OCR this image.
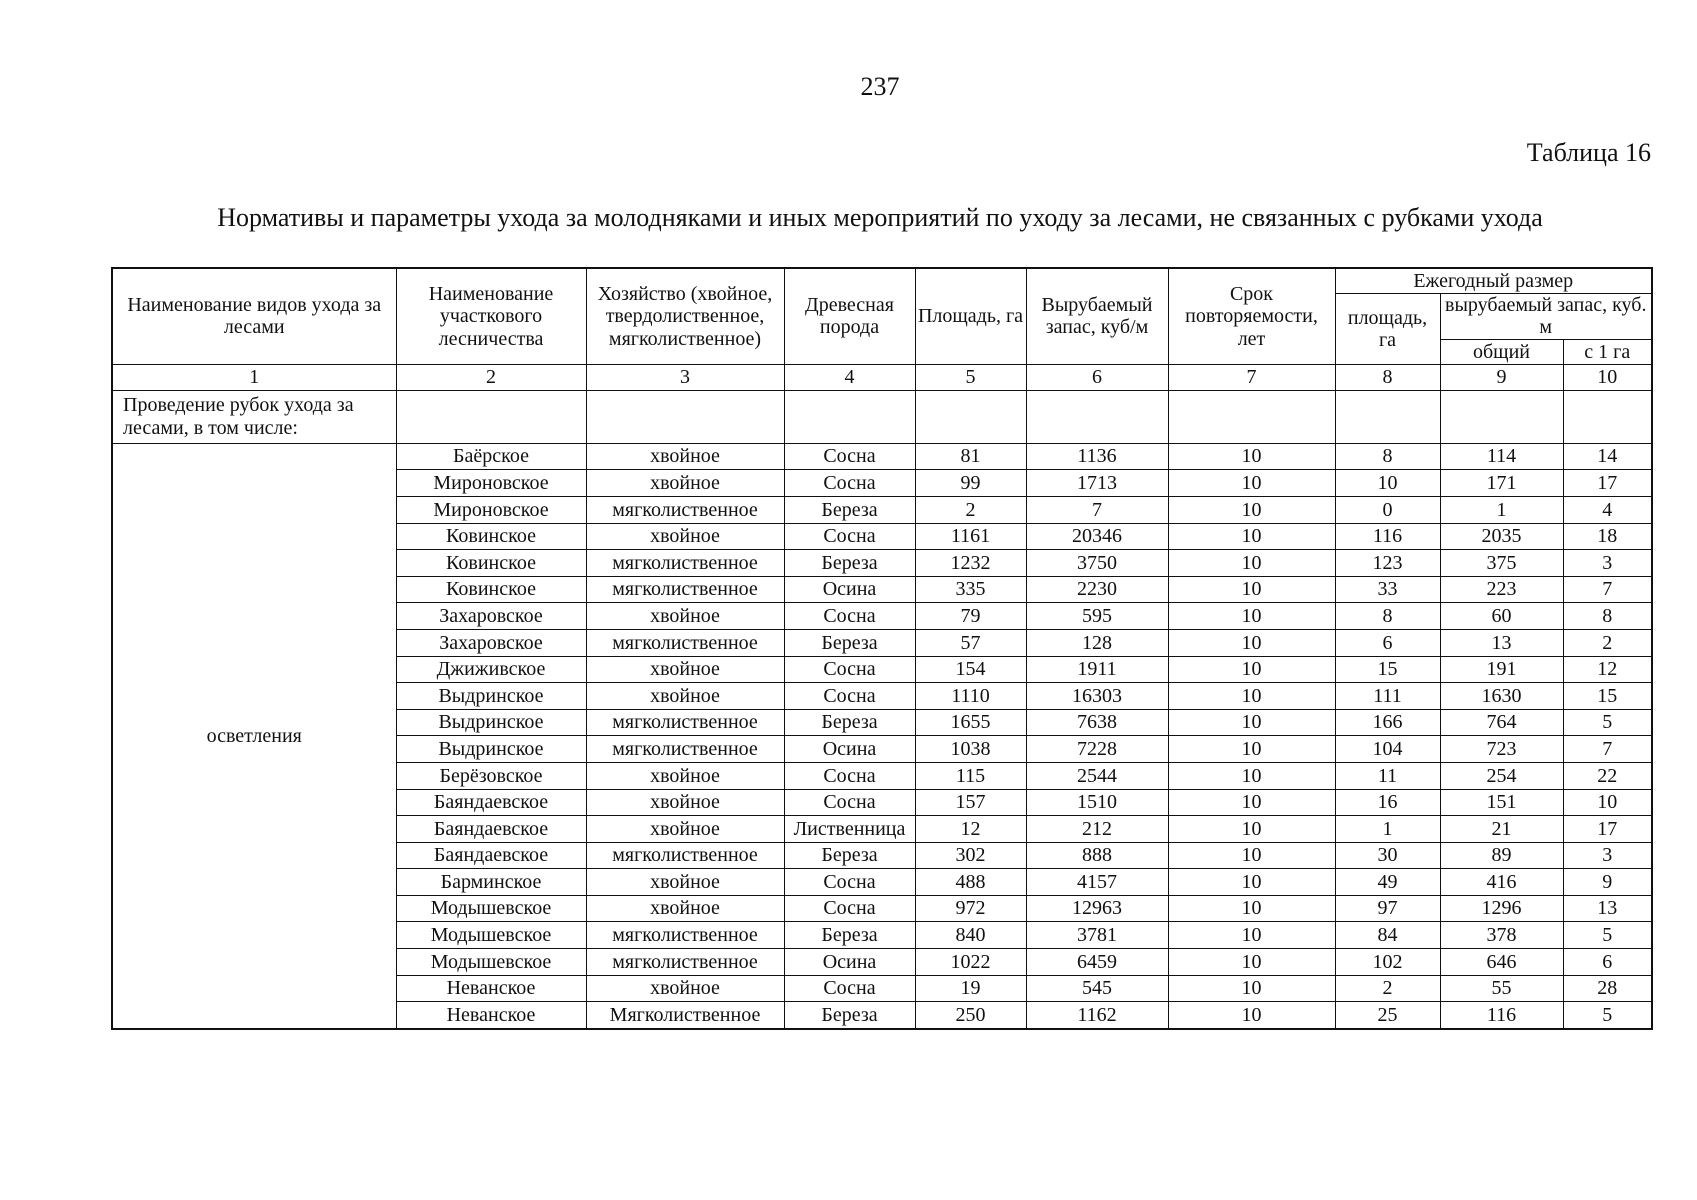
237
Таблица 16
Нормативы и параметры ухода за молодняками и иных мероприятий по уходу за лесами, не связанных с рубками ухода
Наименование видов ухода за лесами	Наименование участкового лесничества	Хозяйство (хвойное, твердолиственное, мягколиственное)	Древесная порода	Площадь, га	Вырубаемый запас, куб/м	Срок повторяемости, лет	Ежегодный размер		
							площадь, га	вырубаемый запас, куб. м	
								общий	с 1 га
1	2	3	4	5	6	7	8	9	10
Проведение рубок ухода за лесами, в том числе:									
осветления	Баёрское	хвойное	Сосна	81	1136	10	8	114	14
	Мироновское	хвойное	Сосна	99	1713	10	10	171	17
	Мироновское	мягколиственное	Береза	2	7	10	0	1	4
	Ковинское	хвойное	Сосна	1161	20346	10	116	2035	18
	Ковинское	мягколиственное	Береза	1232	3750	10	123	375	3
	Ковинское	мягколиственное	Осина	335	2230	10	33	223	7
	Захаровское	хвойное	Сосна	79	595	10	8	60	8
	Захаровское	мягколиственное	Береза	57	128	10	6	13	2
	Джиживское	хвойное	Сосна	154	1911	10	15	191	12
	Выдринское	хвойное	Сосна	1110	16303	10	111	1630	15
	Выдринское	мягколиственное	Береза	1655	7638	10	166	764	5
	Выдринское	мягколиственное	Осина	1038	7228	10	104	723	7
	Берёзовское	хвойное	Сосна	115	2544	10	11	254	22
	Баяндаевское	хвойное	Сосна	157	1510	10	16	151	10
	Баяндаевское	хвойное	Лиственница	12	212	10	1	21	17
	Баяндаевское	мягколиственное	Береза	302	888	10	30	89	3
	Барминское	хвойное	Сосна	488	4157	10	49	416	9
	Модышевское	хвойное	Сосна	972	12963	10	97	1296	13
	Модышевское	мягколиственное	Береза	840	3781	10	84	378	5
	Модышевское	мягколиственное	Осина	1022	6459	10	102	646	6
	Неванское	хвойное	Сосна	19	545	10	2	55	28
	Неванское	Мягколиственное	Береза	250	1162	10	25	116	5
